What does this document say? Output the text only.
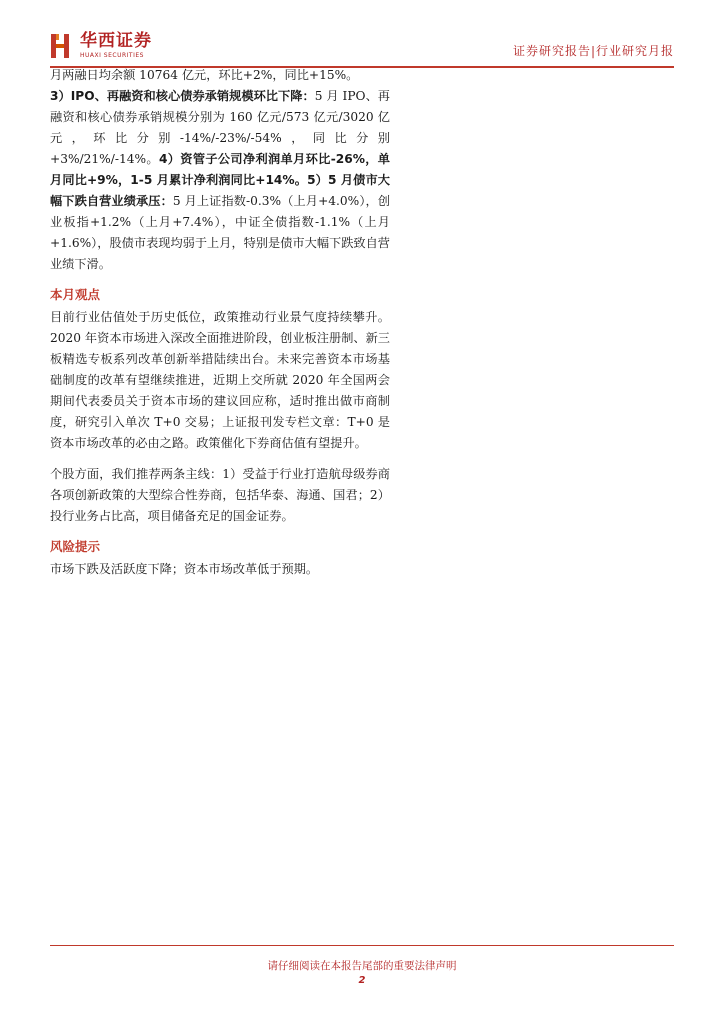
华西证券
HUAXI SECURITIES	证券研究报告|行业研究月报

月两融日均余额 10764 亿元，环比+2%，同比+15%。
3）IPO、再融资和核心债券承销规模环比下降：5 月 IPO、再融资和核心债券承销规模分别为 160 亿元/573 亿元/3020 亿元，环比分别-14%/-23%/-54%，同比分别+3%/21%/-14%。4）资管子公司净利润单月环比-26%，单月同比+9%，1-5 月累计净利润同比+14%。5）5 月债市大幅下跌自营业绩承压：5 月上证指数-0.3%（上月+4.0%），创业板指+1.2%（上月+7.4%），中证全债指数-1.1%（上月+1.6%），股债市表现均弱于上月，特别是债市大幅下跌致自营业绩下滑。

本月观点

目前行业估值处于历史低位，政策推动行业景气度持续攀升。2020 年资本市场进入深改全面推进阶段，创业板注册制、新三板精选专板系列改革创新举措陆续出台。未来完善资本市场基础制度的改革有望继续推进，近期上交所就 2020 年全国两会期间代表委员关于资本市场的建议回应称，适时推出做市商制度，研究引入单次 T+0 交易；上证报刊发专栏文章：T+0 是资本市场改革的必由之路。政策催化下券商估值有望提升。

个股方面，我们推荐两条主线：1）受益于行业打造航母级券商各项创新政策的大型综合性券商，包括华泰、海通、国君；2）投行业务占比高，项目储备充足的国金证券。

风险提示

市场下跌及活跃度下降；资本市场改革低于预期。

请仔细阅读在本报告尾部的重要法律声明
2
